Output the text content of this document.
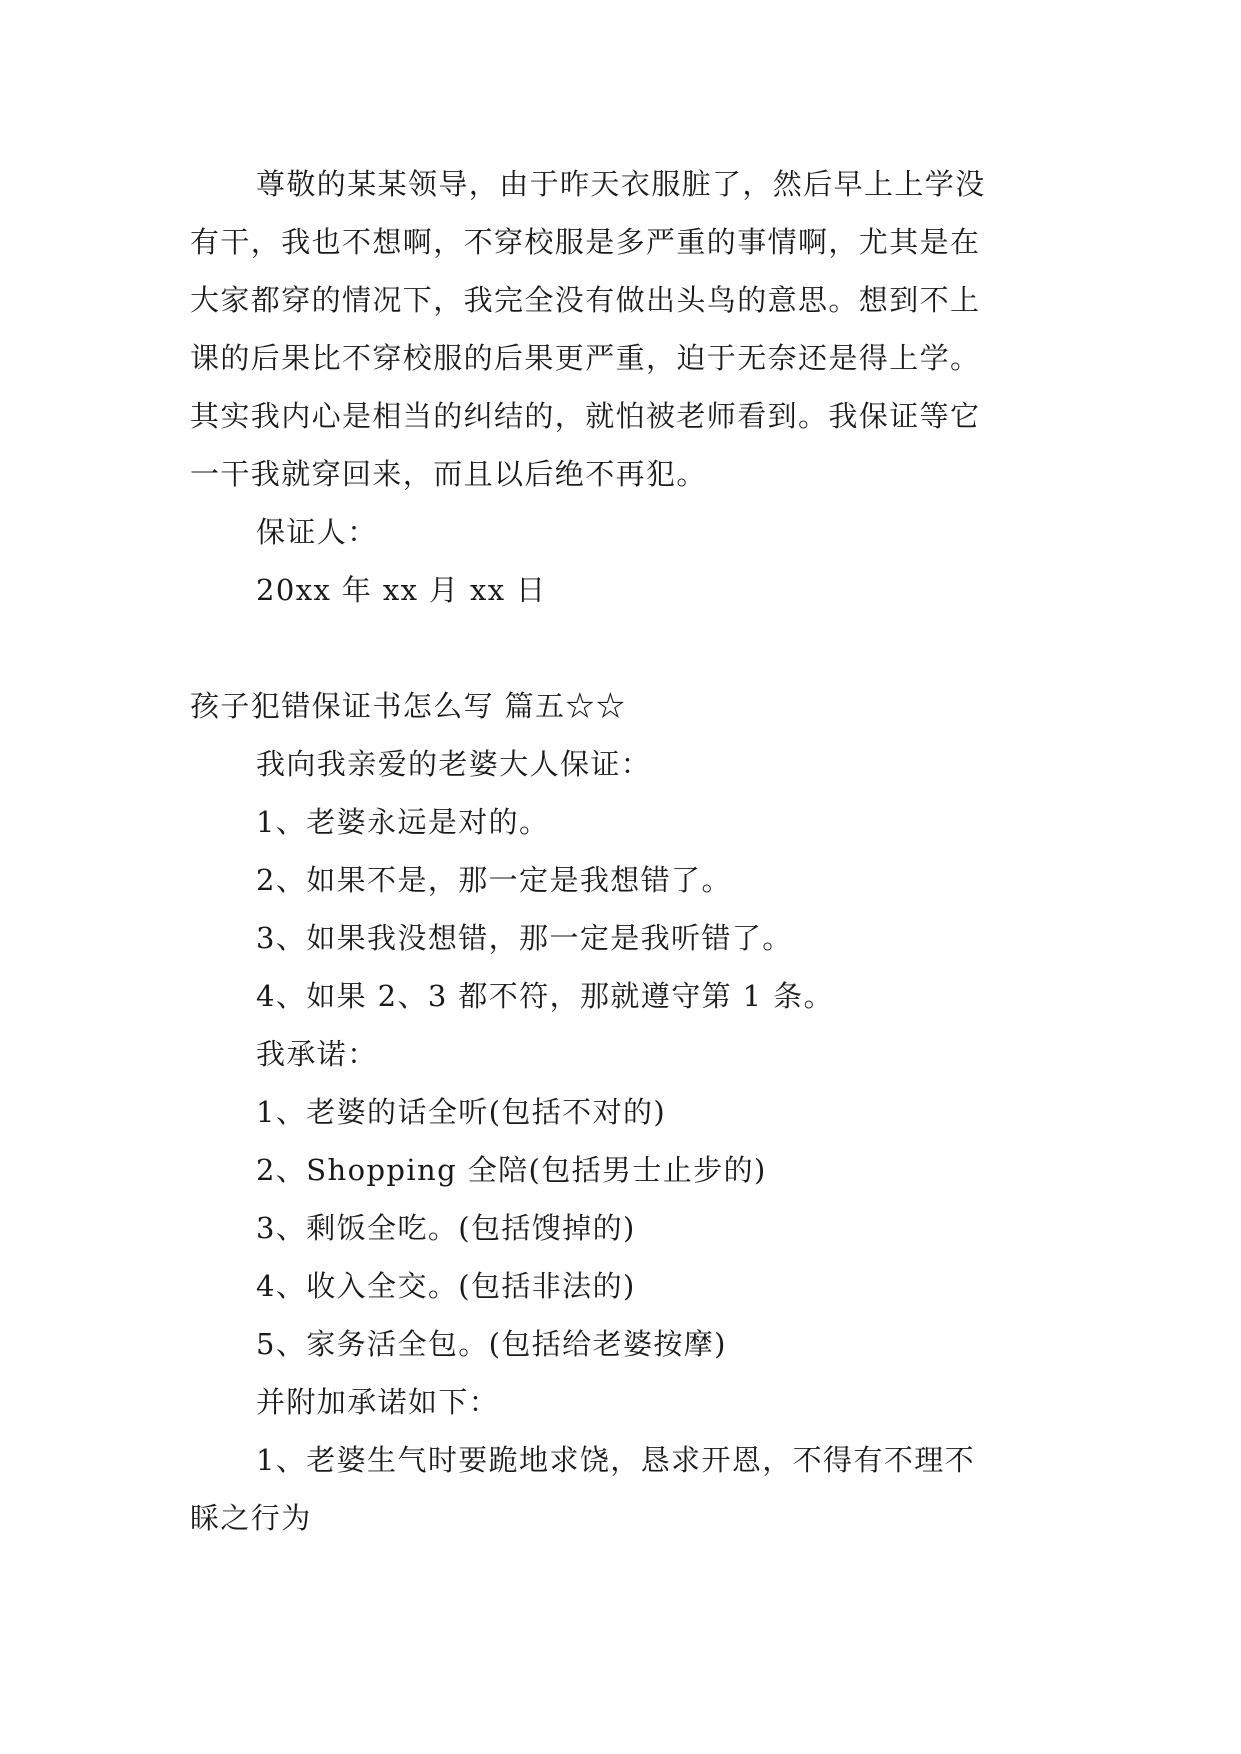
尊敬的某某领导，由于昨天衣服脏了，然后早上上学没
有干，我也不想啊，不穿校服是多严重的事情啊，尤其是在
大家都穿的情况下，我完全没有做出头鸟的意思。想到不上
课的后果比不穿校服的后果更严重，迫于无奈还是得上学。
其实我内心是相当的纠结的，就怕被老师看到。我保证等它
一干我就穿回来，而且以后绝不再犯。
保证人：
20xx 年 xx 月 xx 日
孩子犯错保证书怎么写 篇五☆☆
我向我亲爱的老婆大人保证：
1、老婆永远是对的。
2、如果不是，那一定是我想错了。
3、如果我没想错，那一定是我听错了。
4、如果 2、3 都不符，那就遵守第 1 条。
我承诺：
1、老婆的话全听(包括不对的)
2、Shopping 全陪(包括男士止步的)
3、剩饭全吃。(包括馊掉的)
4、收入全交。(包括非法的)
5、家务活全包。(包括给老婆按摩)
并附加承诺如下：
1、老婆生气时要跪地求饶，恳求开恩，不得有不理不
睬之行为
